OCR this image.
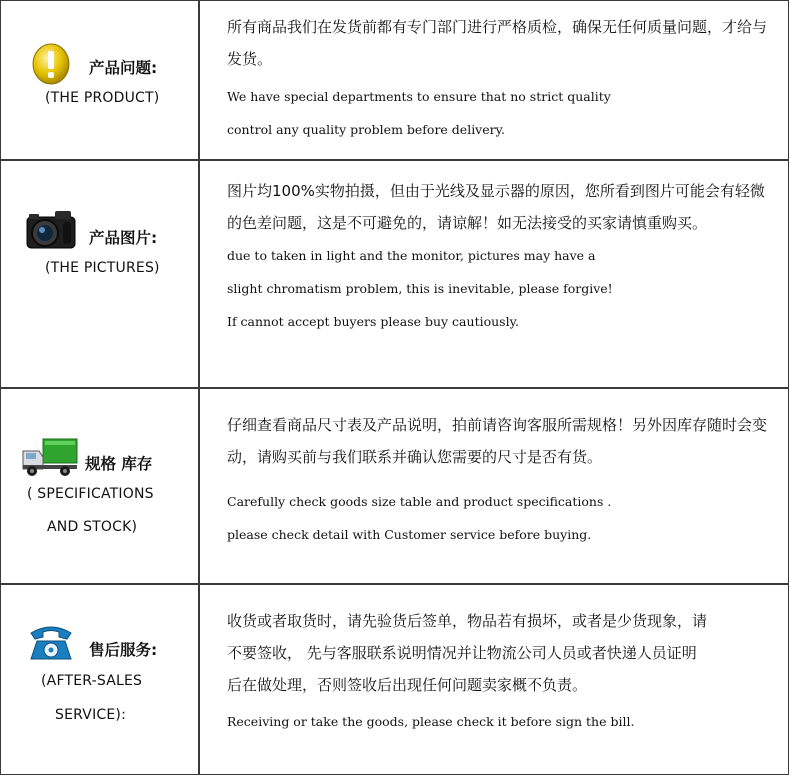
产品问题:
(THE PRODUCT)

所有商品我们在发货前都有专门部门进行严格质检，确保无任何质量问题，才给与发货。

We have special departments to ensure that no strict quality

control any quality problem before delivery.

产品图片:
(THE PICTURES)

图片均100%实物拍摄，但由于光线及显示器的原因，您所看到图片可能会有轻微的色差问题，这是不可避免的，请谅解！如无法接受的买家请慎重购买。

due to taken in light and the monitor, pictures may have a

slight chromatism problem, this is inevitable, please forgive!

If cannot accept buyers please buy cautiously.

规格 库存
( SPECIFICATIONS
AND STOCK)

仔细查看商品尺寸表及产品说明，拍前请咨询客服所需规格！另外因库存随时会变动，请购买前与我们联系并确认您需要的尺寸是否有货。

Carefully check goods size table and product specifications .

please check detail with Customer service before buying.

售后服务:
(AFTER-SALES
SERVICE):

收货或者取货时，请先验货后签单，物品若有损坏，或者是少货现象，请

不要签收， 先与客服联系说明情况并让物流公司人员或者快递人员证明

后在做处理，否则签收后出现任何问题卖家概不负责。

Receiving or take the goods, please check it before sign the bill.
